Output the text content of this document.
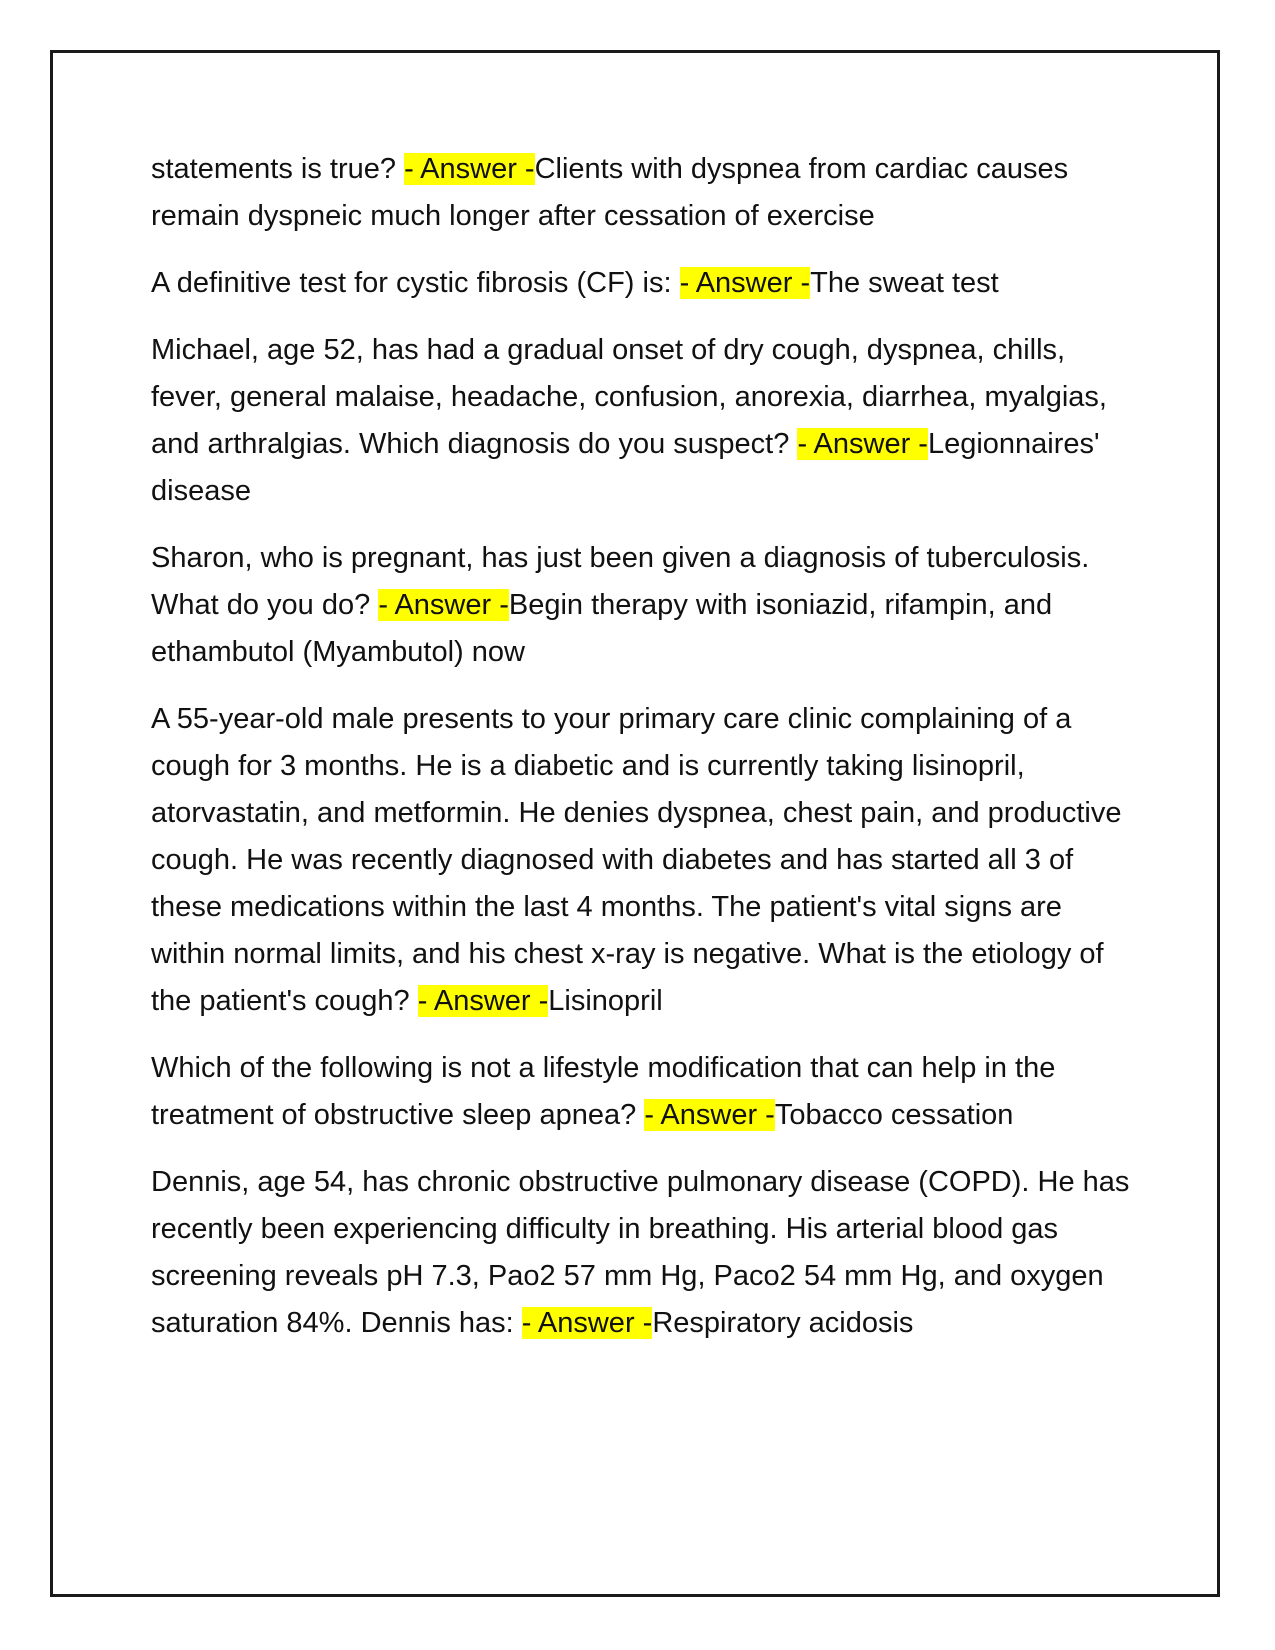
statements is true? - Answer -Clients with dyspnea from cardiac causes remain dyspneic much longer after cessation of exercise

A definitive test for cystic fibrosis (CF) is: - Answer -The sweat test

Michael, age 52, has had a gradual onset of dry cough, dyspnea, chills, fever, general malaise, headache, confusion, anorexia, diarrhea, myalgias, and arthralgias. Which diagnosis do you suspect? - Answer -Legionnaires' disease

Sharon, who is pregnant, has just been given a diagnosis of tuberculosis. What do you do? - Answer -Begin therapy with isoniazid, rifampin, and ethambutol (Myambutol) now

A 55-year-old male presents to your primary care clinic complaining of a cough for 3 months. He is a diabetic and is currently taking lisinopril, atorvastatin, and metformin. He denies dyspnea, chest pain, and productive cough. He was recently diagnosed with diabetes and has started all 3 of these medications within the last 4 months. The patient's vital signs are within normal limits, and his chest x-ray is negative. What is the etiology of the patient's cough? - Answer -Lisinopril

Which of the following is not a lifestyle modification that can help in the treatment of obstructive sleep apnea? - Answer -Tobacco cessation

Dennis, age 54, has chronic obstructive pulmonary disease (COPD). He has recently been experiencing difficulty in breathing. His arterial blood gas screening reveals pH 7.3, Pao2 57 mm Hg, Paco2 54 mm Hg, and oxygen saturation 84%. Dennis has: - Answer -Respiratory acidosis
